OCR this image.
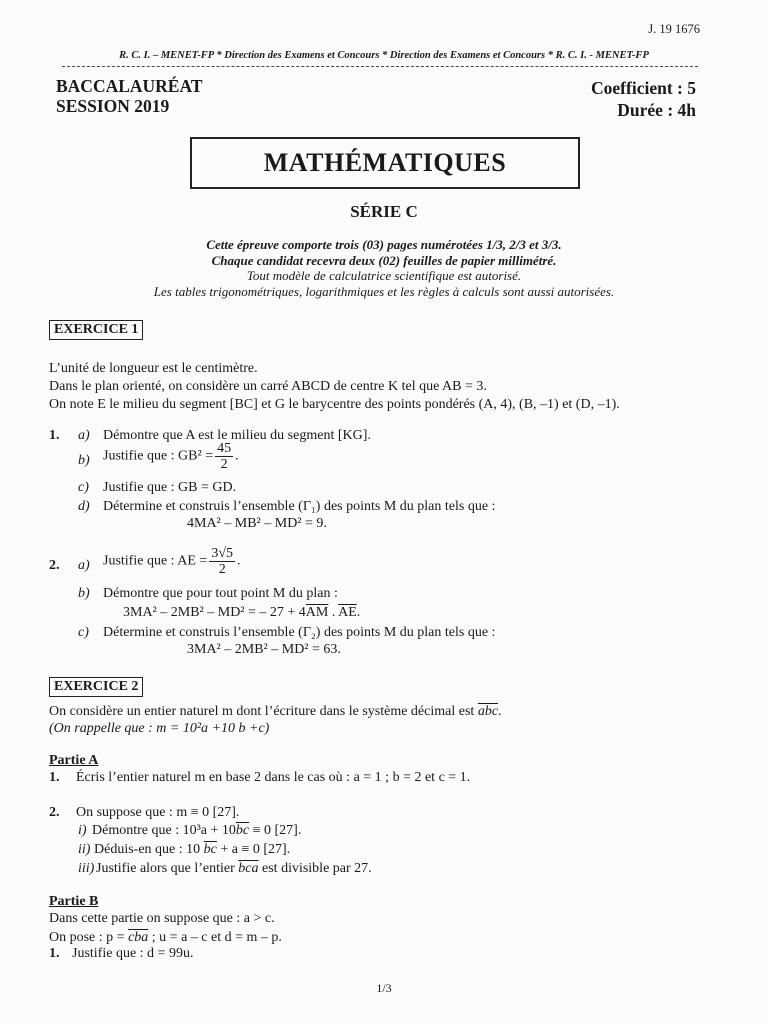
J. 19 1676
R. C. I. – MENET-FP * Direction des Examens et Concours * Direction des Examens et Concours * R. C. I. - MENET-FP
BACCALAURÉAT
SESSION 2019
Coefficient : 5
Durée : 4h
MATHÉMATIQUES
SÉRIE C
Cette épreuve comporte trois (03) pages numérotées 1/3, 2/3 et 3/3.
Chaque candidat recevra deux (02) feuilles de papier millimétré.
Tout modèle de calculatrice scientifique est autorisé.
Les tables trigonométriques, logarithmiques et les règles à calculs sont aussi autorisées.
EXERCICE 1
L’unité de longueur est le centimètre.
Dans le plan orienté, on considère un carré ABCD de centre K tel que AB = 3.
On note E le milieu du segment [BC] et G le barycentre des points pondérés (A, 4), (B, –1) et (D, –1).
1. a) Démontre que A est le milieu du segment [KG].
b) Justifie que : $GB^2 = \frac{45}{2}$ .
c) Justifie que : GB = GD.
d) Détermine et construis l’ensemble (Γ₁) des points M du plan tels que :
4MA² – MB² – MD² = 9.
2. a) Justifie que : AE = $\frac{3√5}{2}$ .
b) Démontre que pour tout point M du plan :
3MA² – 2MB² – MD² = – $27 + 4\overline{AM}$ . $\overline{AE}$.
c) Détermine et construis l’ensemble (Γ₂) des points M du plan tels que :
3MA² – 2MB² – MD² = 63.
EXERCICE 2
On considère un entier naturel m dont l’écriture dans le système décimal est $\overline{abc}$.
(On rappelle que : m = 10²a +10 b +c)
Partie A
1. Écris l’entier naturel m en base 2 dans le cas où : a = 1 ; b = 2 et c = 1.
2. On suppose que : m ≡ 0 [27].
i) Démontre que : $10^3a + 10\overline{bc} \equiv 0$ [27].
ii) Déduis-en que : 10 $\overline{bc} + a \equiv 0$ [27].
iii) Justifie alors que l’entier $\overline{bca}$ est divisible par 27.
Partie B
Dans cette partie on suppose que : a > c.
On pose : $p = \overline{cba}$ ; u = a – c et d = m – p.
1. Justifie que : d = 99u.
1/3
